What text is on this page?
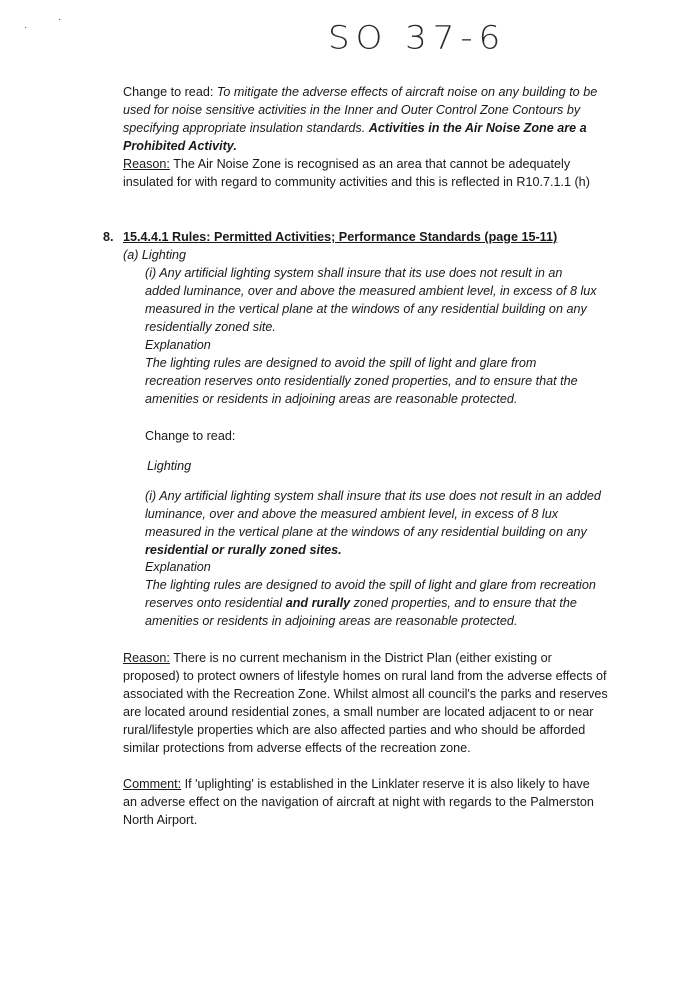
·
·	SO 37-6

Change to read: To mitigate the adverse effects of aircraft noise on any building to be used for noise sensitive activities in the Inner and Outer Control Zone Contours by specifying appropriate insulation standards. Activities in the Air Noise Zone are a Prohibited Activity.

Reason: The Air Noise Zone is recognised as an area that cannot be adequately insulated for with regard to community activities and this is reflected in R10.7.1.1 (h)

8. 15.4.4.1 Rules: Permitted Activities; Performance Standards (page 15-11)

(a) Lighting

(i) Any artificial lighting system shall insure that its use does not result in an added luminance, over and above the measured ambient level, in excess of 8 lux measured in the vertical plane at the windows of any residential building on any residentially zoned site.

Explanation

The lighting rules are designed to avoid the spill of light and glare from recreation reserves onto residentially zoned properties, and to ensure that the amenities or residents in adjoining areas are reasonable protected.

Change to read:

Lighting

(i) Any artificial lighting system shall insure that its use does not result in an added luminance, over and above the measured ambient level, in excess of 8 lux measured in the vertical plane at the windows of any residential building on any residential or rurally zoned sites.

Explanation

The lighting rules are designed to avoid the spill of light and glare from recreation reserves onto residential and rurally zoned properties, and to ensure that the amenities or residents in adjoining areas are reasonable protected.

Reason: There is no current mechanism in the District Plan (either existing or proposed) to protect owners of lifestyle homes on rural land from the adverse effects of associated with the Recreation Zone. Whilst almost all council's the parks and reserves are located around residential zones, a small number are located adjacent to or near rural/lifestyle properties which are also affected parties and who should be afforded similar protections from adverse effects of the recreation zone.

Comment: If 'uplighting' is established in the Linklater reserve it is also likely to have an adverse effect on the navigation of aircraft at night with regards to the Palmerston North Airport.
